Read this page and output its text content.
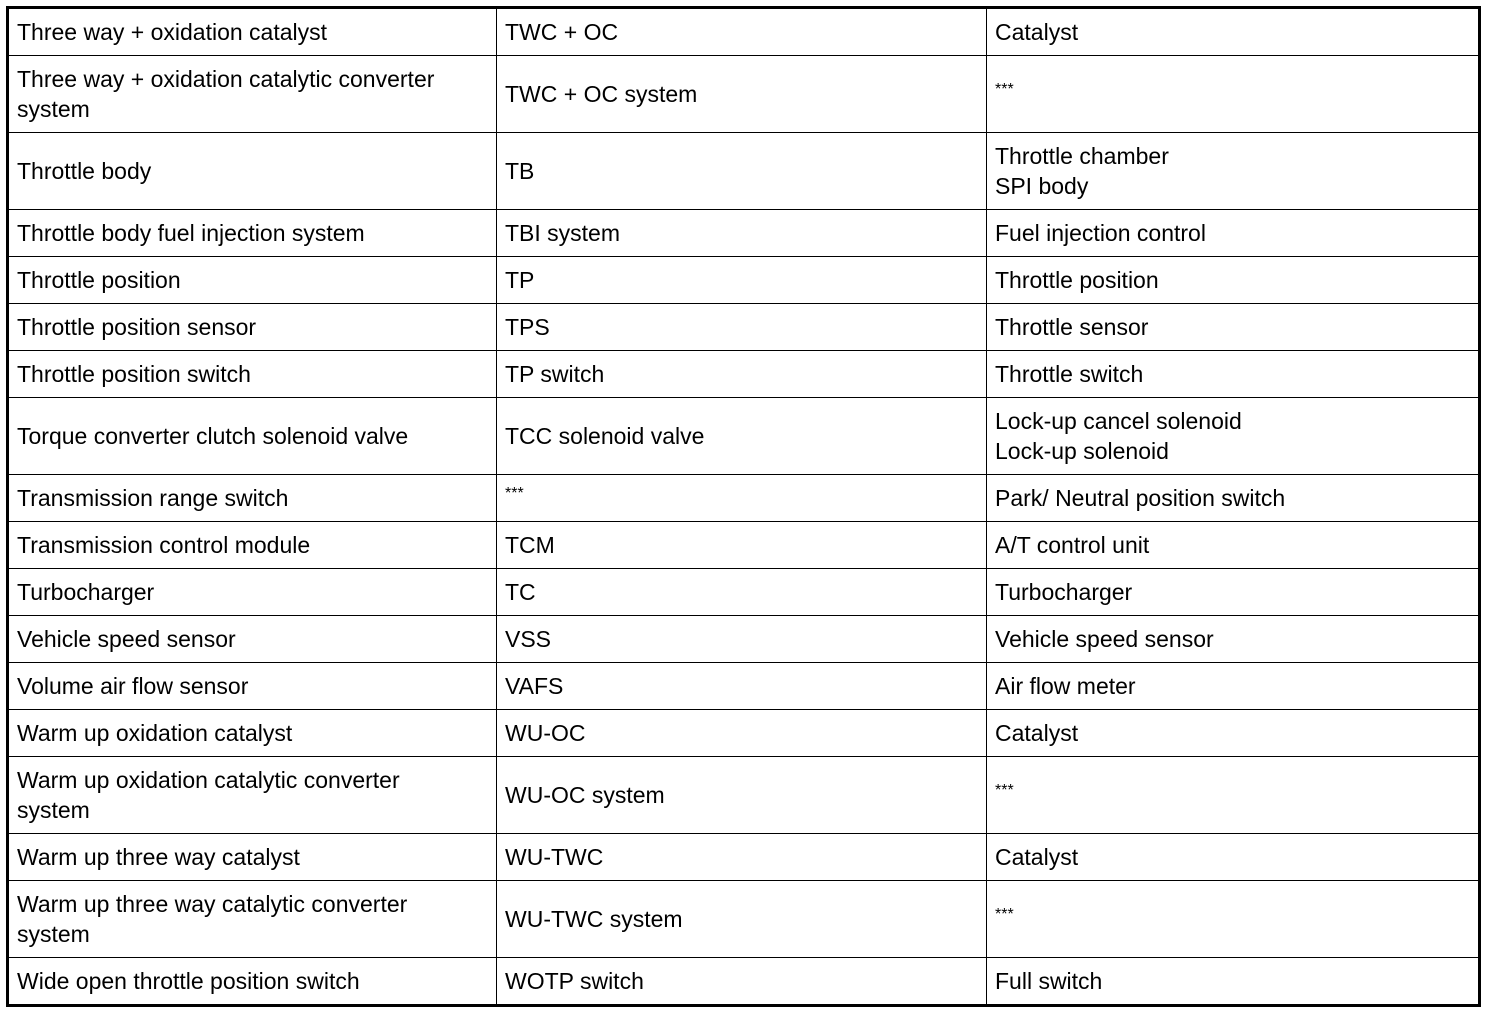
Three way + oxidation catalyst	TWC + OC	Catalyst
Three way + oxidation catalytic converter
system	TWC + OC system	***
Throttle body	TB	Throttle chamber
SPI body
Throttle body fuel injection system	TBI system	Fuel injection control
Throttle position	TP	Throttle position
Throttle position sensor	TPS	Throttle sensor
Throttle position switch	TP switch	Throttle switch
Torque converter clutch solenoid valve	TCC solenoid valve	Lock-up cancel solenoid
Lock-up solenoid
Transmission range switch	***	Park/ Neutral position switch
Transmission control module	TCM	A/T control unit
Turbocharger	TC	Turbocharger
Vehicle speed sensor	VSS	Vehicle speed sensor
Volume air flow sensor	VAFS	Air flow meter
Warm up oxidation catalyst	WU-OC	Catalyst
Warm up oxidation catalytic converter
system	WU-OC system	***
Warm up three way catalyst	WU-TWC	Catalyst
Warm up three way catalytic converter
system	WU-TWC system	***
Wide open throttle position switch	WOTP switch	Full switch
